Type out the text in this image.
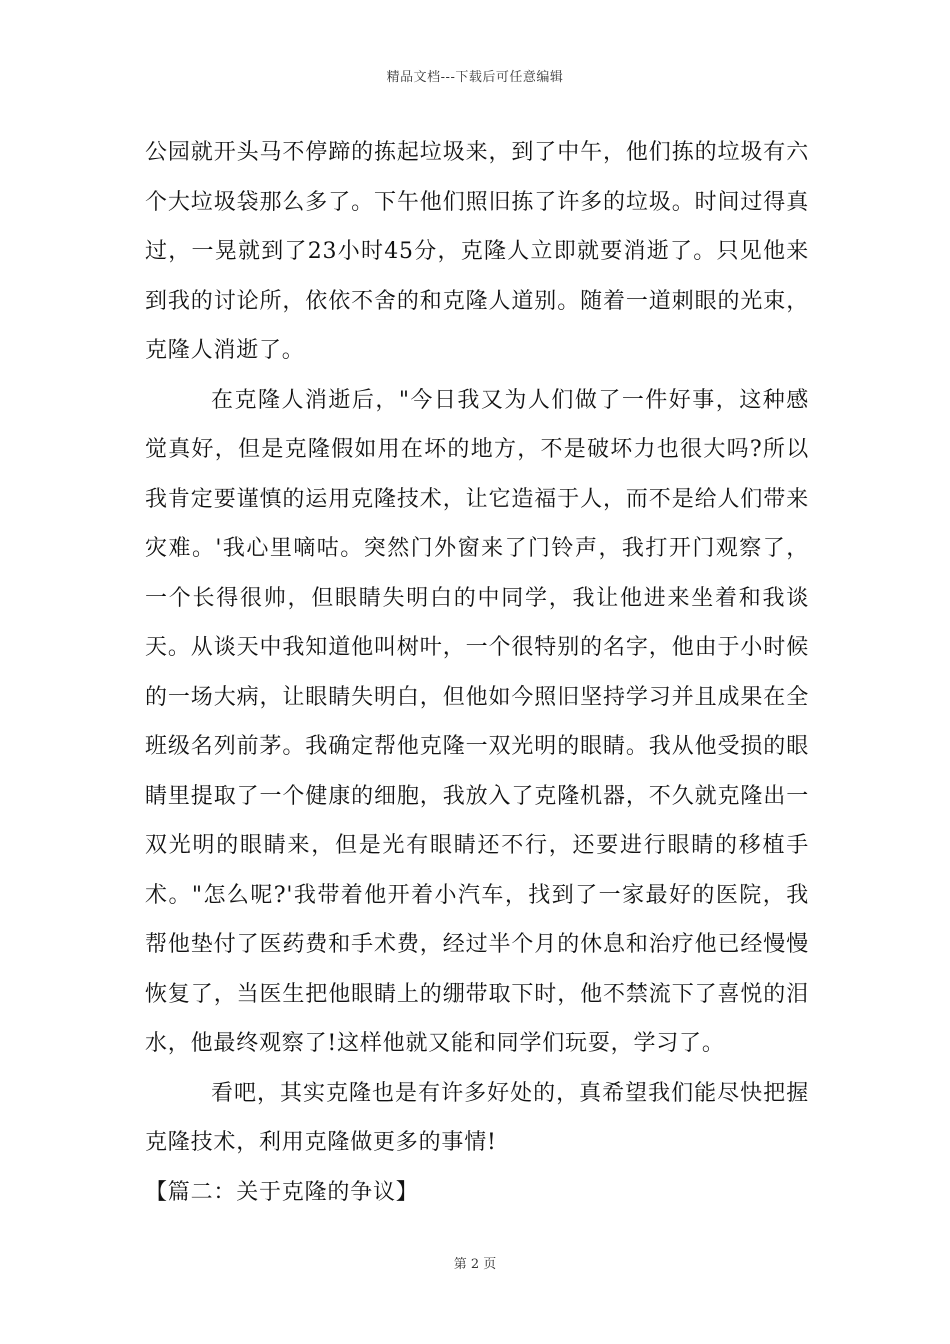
精品文档---下载后可任意编辑

公园就开头马不停蹄的拣起垃圾来，到了中午，他们拣的垃圾有六个大垃圾袋那么多了。下午他们照旧拣了许多的垃圾。时间过得真过，一晃就到了23小时45分，克隆人立即就要消逝了。只见他来到我的讨论所，依依不舍的和克隆人道别。随着一道刺眼的光束，克隆人消逝了。

在克隆人消逝后，"今日我又为人们做了一件好事，这种感觉真好，但是克隆假如用在坏的地方，不是破坏力也很大吗?所以我肯定要谨慎的运用克隆技术，让它造福于人，而不是给人们带来灾难。'我心里嘀咕。突然门外窗来了门铃声，我打开门观察了，一个长得很帅，但眼睛失明白的中同学，我让他进来坐着和我谈天。从谈天中我知道他叫树叶，一个很特别的名字，他由于小时候的一场大病，让眼睛失明白，但他如今照旧坚持学习并且成果在全班级名列前茅。我确定帮他克隆一双光明的眼睛。我从他受损的眼睛里提取了一个健康的细胞，我放入了克隆机器，不久就克隆出一双光明的眼睛来，但是光有眼睛还不行，还要进行眼睛的移植手术。"怎么呢?'我带着他开着小汽车，找到了一家最好的医院，我帮他垫付了医药费和手术费，经过半个月的休息和治疗他已经慢慢恢复了，当医生把他眼睛上的绷带取下时，他不禁流下了喜悦的泪水，他最终观察了!这样他就又能和同学们玩耍，学习了。

看吧，其实克隆也是有许多好处的，真希望我们能尽快把握克隆技术，利用克隆做更多的事情!

【篇二：关于克隆的争议】

第 2 页
